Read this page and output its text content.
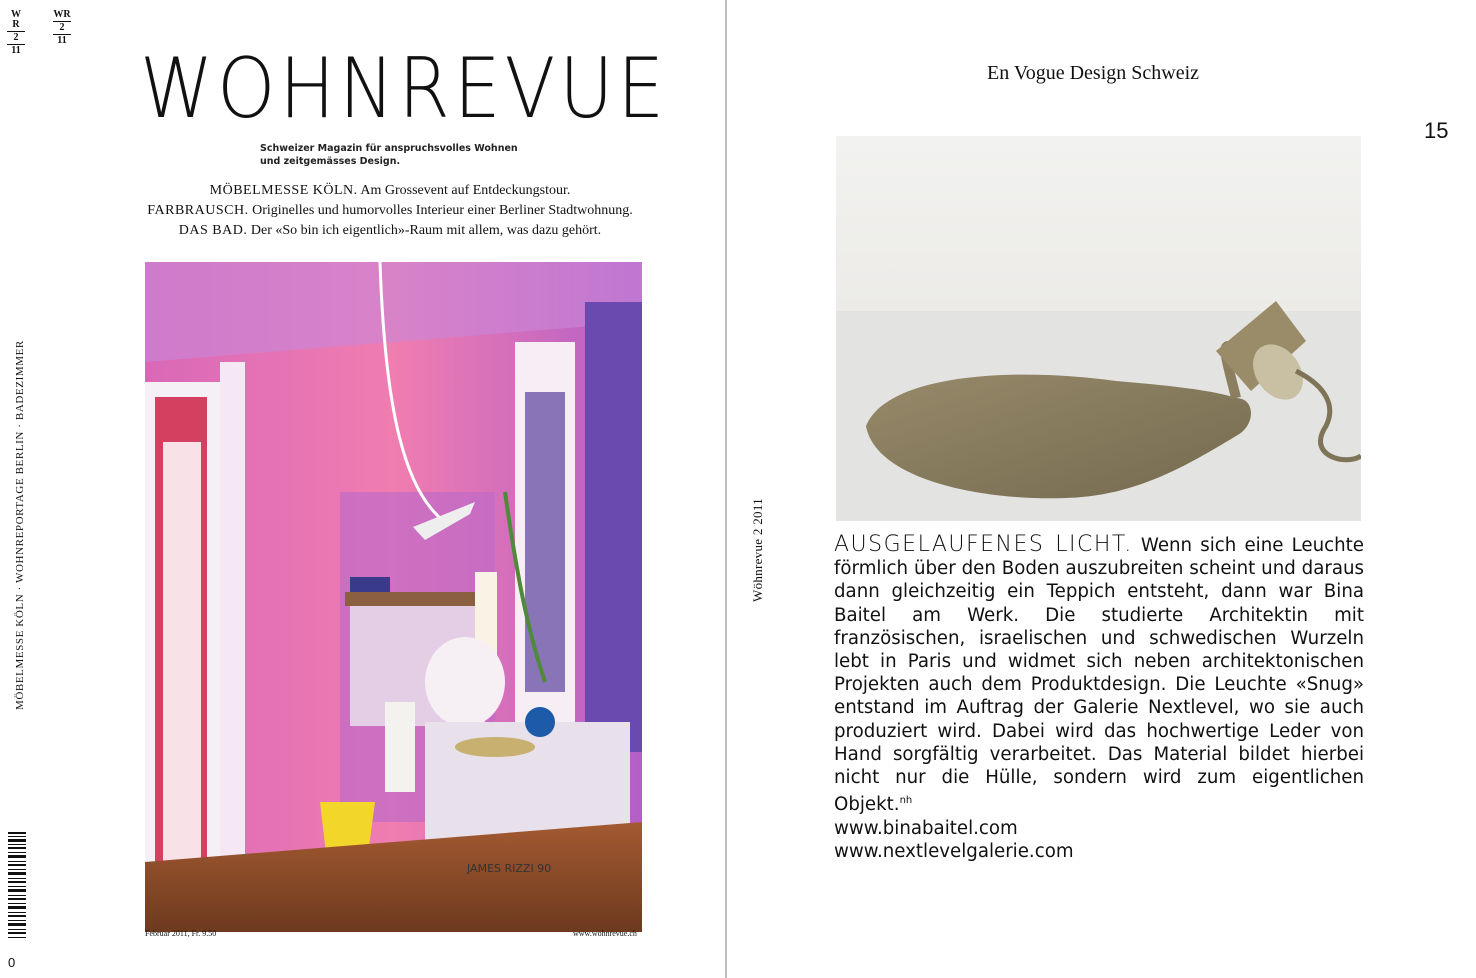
W
R
2
11
WR
2
11
WOHNREVUE
Schweizer Magazin für anspruchsvolles Wohnen
und zeitgemässes Design.
MÖBELMESSE KÖLN. Am Grossevent auf Entdeckungstour.
FARBRAUSCH. Originelles und humorvolles Interieur einer Berliner Stadtwohnung.
DAS BAD. Der «So bin ich eigentlich»-Raum mit allem, was dazu gehört.
JAMES RIZZI 90
Februar 2011, Fr. 9.50	www.wohnrevue.ch
MÖBELMESSE KÖLN · WOHNREPORTAGE BERLIN · BADEZIMMER
0
En Vogue Design Schweiz
15
Wöhnrevue 2 2011	AUSGELAUFENES LICHT. Wenn sich eine Leuchte förmlich über den Boden auszubreiten scheint und daraus dann gleichzeitig ein Teppich entsteht, dann war Bina Baitel am Werk. Die studierte Architektin mit französischen, israelischen und schwedischen Wurzeln lebt in Paris und widmet sich neben architektonischen Projekten auch dem Produktdesign. Die Leuchte «Snug» entstand im Auftrag der Galerie Nextlevel, wo sie auch produziert wird. Dabei wird das hochwertige Leder von Hand sorgfältig verarbeitet. Das Material bildet hierbei nicht nur die Hülle, sondern wird zum eigentlichen Objekt.$^{nh}$
www.binabaitel.com
www.nextlevelgalerie.com
